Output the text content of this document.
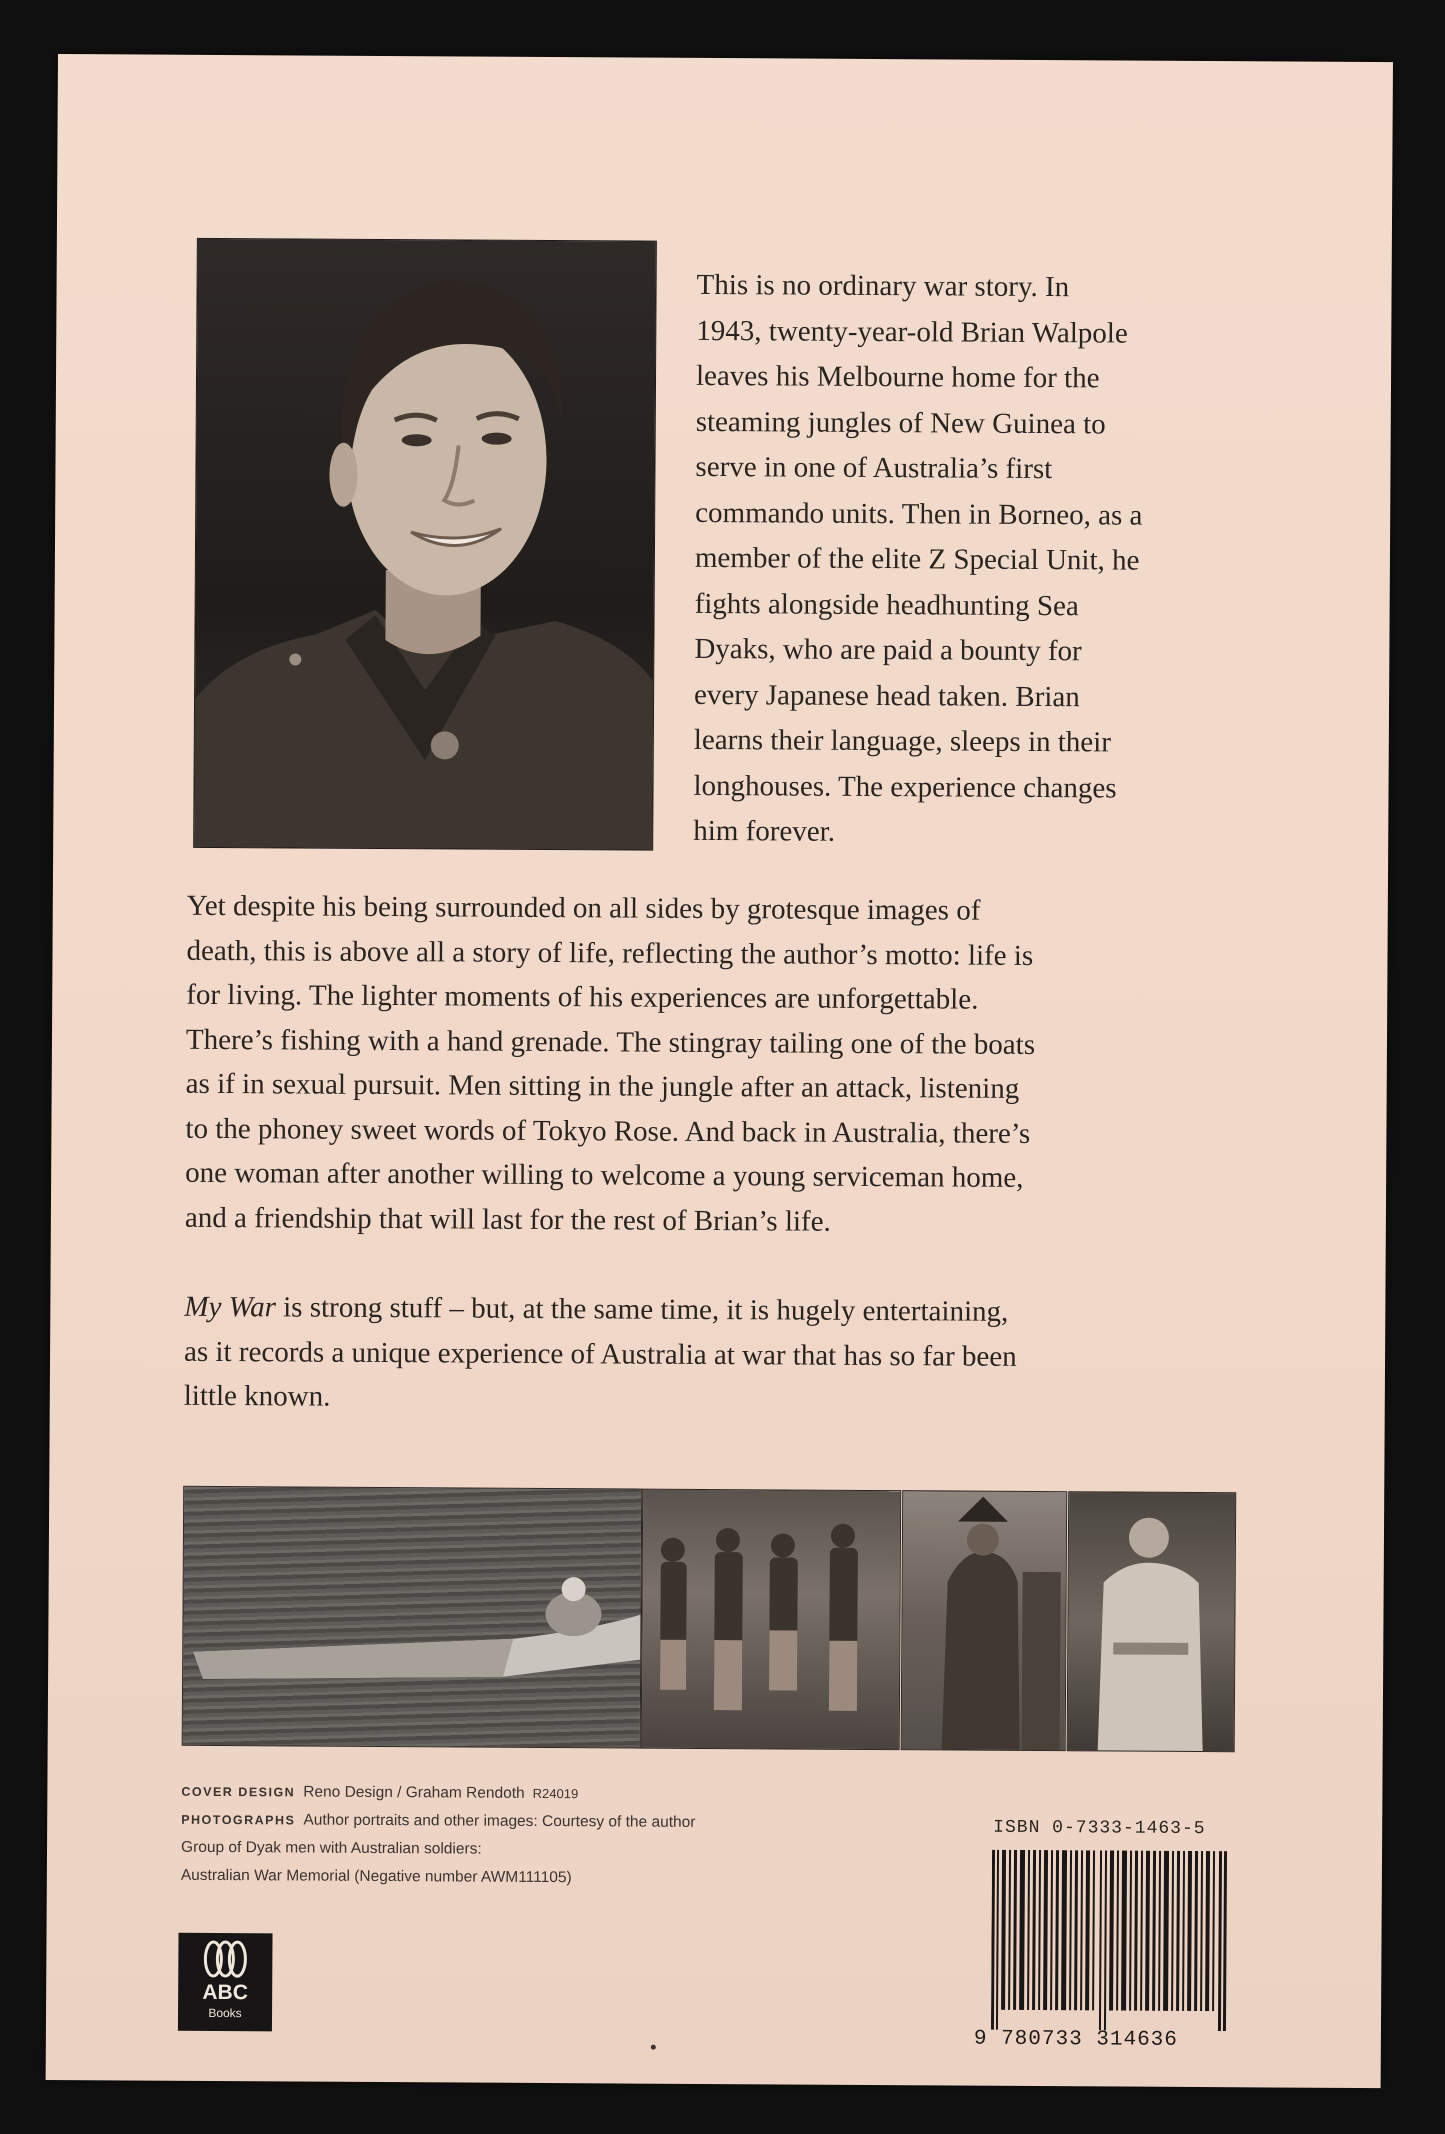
This is no ordinary war story. In
1943, twenty-year-old Brian Walpole
leaves his Melbourne home for the
steaming jungles of New Guinea to
serve in one of Australia’s first
commando units. Then in Borneo, as a
member of the elite Z Special Unit, he
fights alongside headhunting Sea
Dyaks, who are paid a bounty for
every Japanese head taken. Brian
learns their language, sleeps in their
longhouses. The experience changes
him forever.
Yet despite his being surrounded on all sides by grotesque images of
death, this is above all a story of life, reflecting the author’s motto: life is
for living. The lighter moments of his experiences are unforgettable.
There’s fishing with a hand grenade. The stingray tailing one of the boats
as if in sexual pursuit. Men sitting in the jungle after an attack, listening
to the phoney sweet words of Tokyo Rose. And back in Australia, there’s
one woman after another willing to welcome a young serviceman home,
and a friendship that will last for the rest of Brian’s life.
My War is strong stuff – but, at the same time, it is hugely entertaining,
as it records a unique experience of Australia at war that has so far been
little known.
COVER DESIGN Reno Design / Graham Rendoth R24019
PHOTOGRAPHS Author portraits and other images: Courtesy of the author
Group of Dyak men with Australian soldiers:
Australian War Memorial (Negative number AWM111105)
ISBN 0-7333-1463-5
9 780733 314636
ABC
Books
